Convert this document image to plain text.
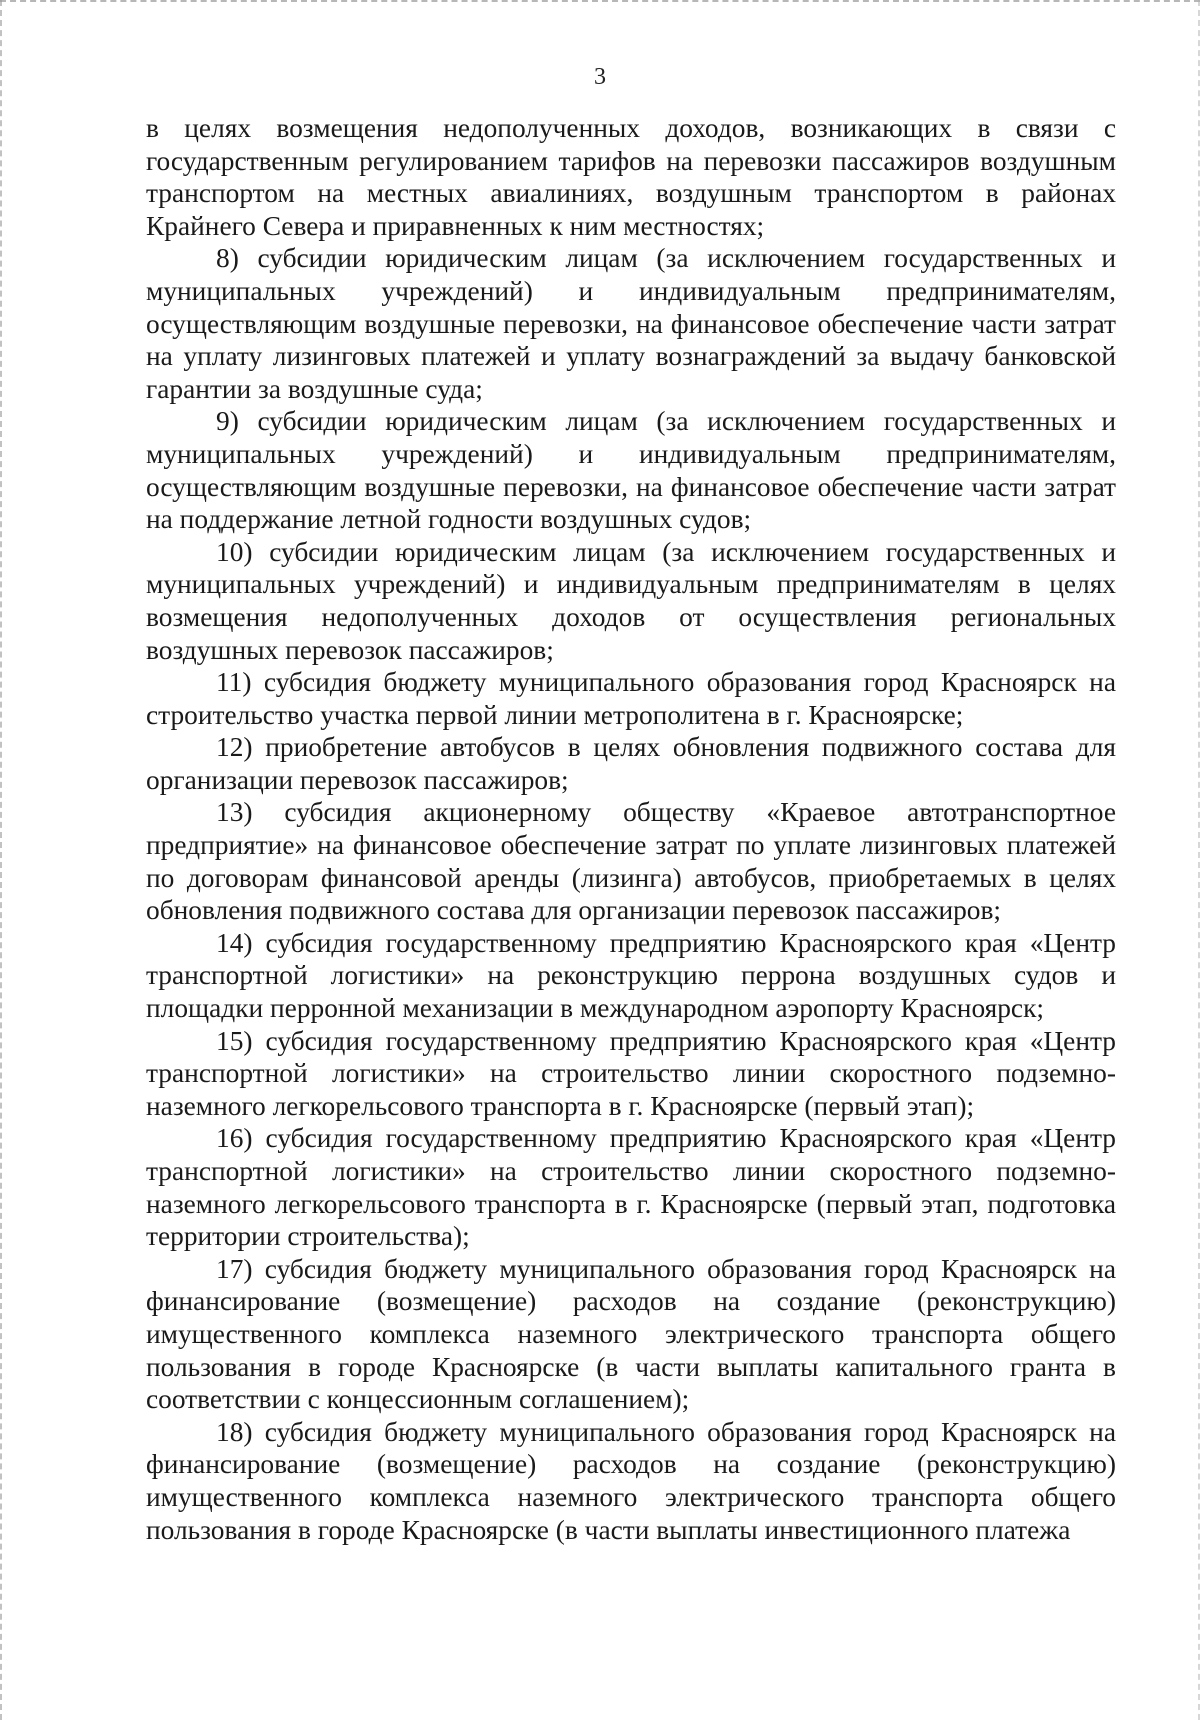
3

в целях возмещения недополученных доходов, возникающих в связи с государственным регулированием тарифов на перевозки пассажиров воздушным транспортом на местных авиалиниях, воздушным транспортом в районах Крайнего Севера и приравненных к ним местностях;

8) субсидии юридическим лицам (за исключением государственных и муниципальных учреждений) и индивидуальным предпринимателям, осуществляющим воздушные перевозки, на финансовое обеспечение части затрат на уплату лизинговых платежей и уплату вознаграждений за выдачу банковской гарантии за воздушные суда;

9) субсидии юридическим лицам (за исключением государственных и муниципальных учреждений) и индивидуальным предпринимателям, осуществляющим воздушные перевозки, на финансовое обеспечение части затрат на поддержание летной годности воздушных судов;

10) субсидии юридическим лицам (за исключением государственных и муниципальных учреждений) и индивидуальным предпринимателям в целях возмещения недополученных доходов от осуществления региональных воздушных перевозок пассажиров;

11) субсидия бюджету муниципального образования город Красноярск на строительство участка первой линии метрополитена в г. Красноярске;

12) приобретение автобусов в целях обновления подвижного состава для организации перевозок пассажиров;

13) субсидия акционерному обществу «Краевое автотранспортное предприятие» на финансовое обеспечение затрат по уплате лизинговых платежей по договорам финансовой аренды (лизинга) автобусов, приобретаемых в целях обновления подвижного состава для организации перевозок пассажиров;

14) субсидия государственному предприятию Красноярского края «Центр транспортной логистики» на реконструкцию перрона воздушных судов и площадки перронной механизации в международном аэропорту Красноярск;

15) субсидия государственному предприятию Красноярского края «Центр транспортной логистики» на строительство линии скоростного подземно-наземного легкорельсового транспорта в г. Красноярске (первый этап);

16) субсидия государственному предприятию Красноярского края «Центр транспортной логистики» на строительство линии скоростного подземно-наземного легкорельсового транспорта в г. Красноярске (первый этап, подготовка территории строительства);

17) субсидия бюджету муниципального образования город Красноярск на финансирование (возмещение) расходов на создание (реконструкцию) имущественного комплекса наземного электрического транспорта общего пользования в городе Красноярске (в части выплаты капитального гранта в соответствии с концессионным соглашением);

18) субсидия бюджету муниципального образования город Красноярск на финансирование (возмещение) расходов на создание (реконструкцию) имущественного комплекса наземного электрического транспорта общего пользования в городе Красноярске (в части выплаты инвестиционного платежа
